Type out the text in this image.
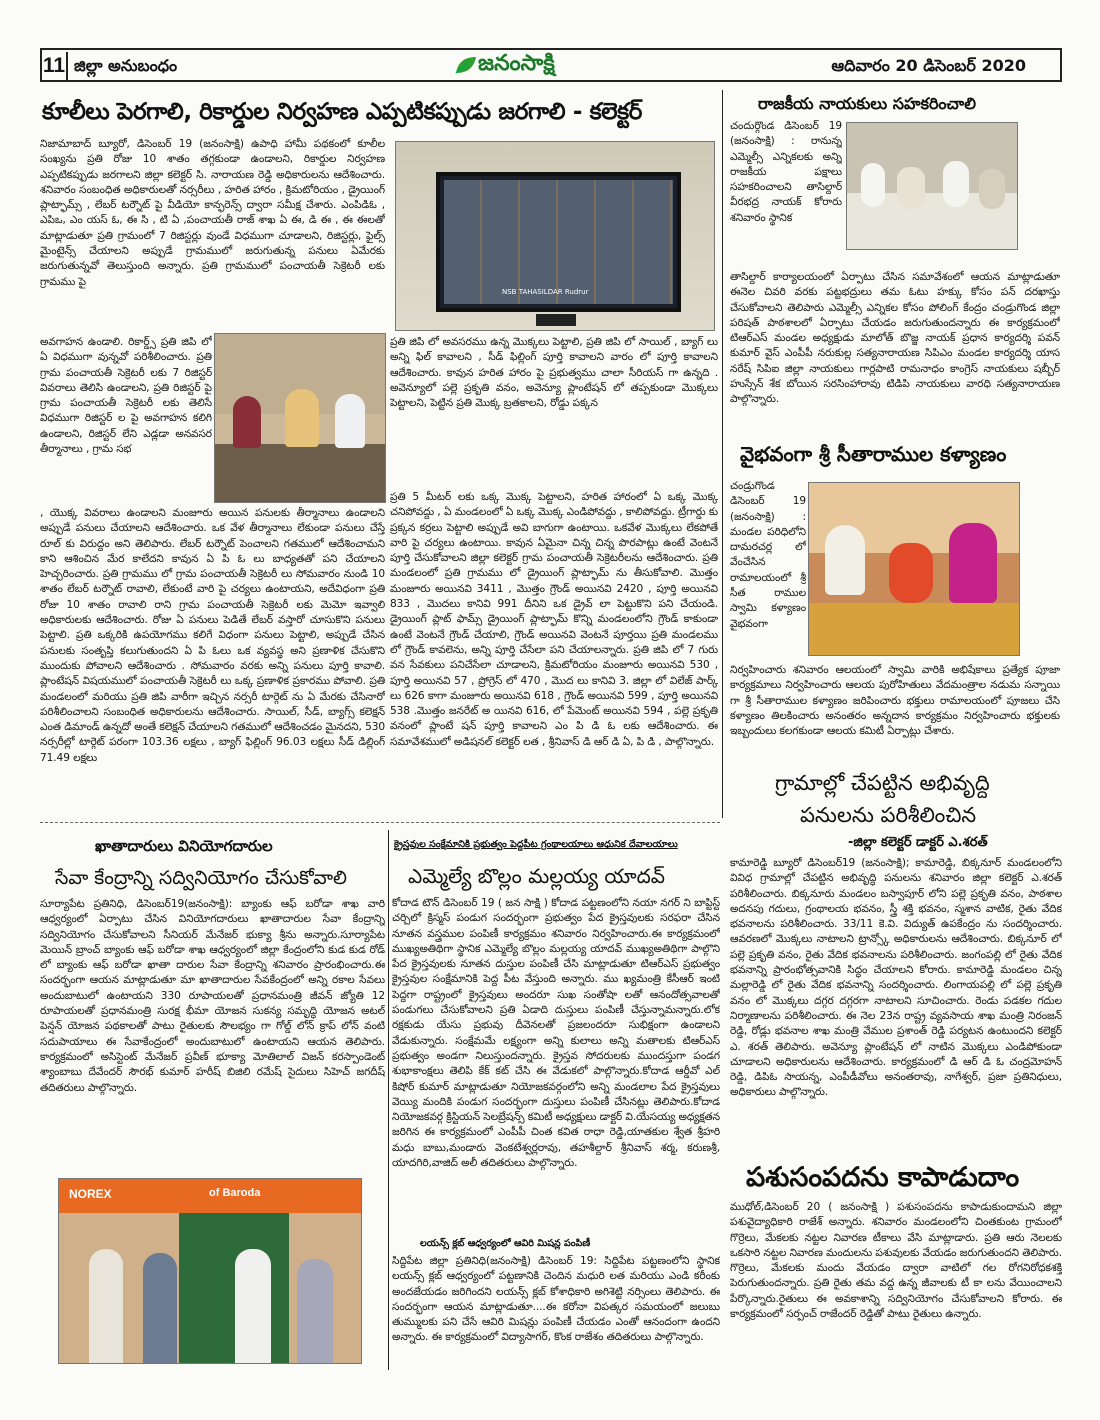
11 జిల్లా అనుబంధం	జనంసాక్షి	ఆదివారం 20 డిసెంబర్ 2020
కూలీలు పెరగాలి, రికార్డుల నిర్వహణ ఎప్పటికప్పుడు జరగాలి - కలెక్టర్
నిజామాబాద్ బ్యూరో, డిసెంబర్ 19 (జనంసాక్షి) ఉపాధి హామీ పథకంలో కూలీల సంఖ్యను ప్రతి రోజు 10 శాతం తగ్గకుండా ఉండాలని, రికార్డుల నిర్వహణ ఎప్పటికప్పుడు జరగాలని జిల్లా కలెక్టర్ సి. నారాయణ రెడ్డి అధికారులను ఆదేశించారు. శనివారం సంబంధిత అధికారులతో నర్సరీలు , హరిత హారం , క్రిమటోరియం , డ్రైయింగ్ ప్లాట్ఫామ్స్ , లేబర్ టర్నౌట్ పై వీడియో కాన్ఫరెన్స్ ద్వారా సమీక్ష చేశారు. ఎంపిడిఓ , ఎపిఒ, ఎం యస్ ఓ, ఈ సి , టి ఏ ,పంచాయతీ రాజ్ శాఖ ఏ ఈ, డి ఈ , ఈ ఈలతో మాట్లాడుతూ ప్రతి గ్రామంలో 7 రిజిస్టర్లు వుండే విధముగా చూడాలని, రిజిస్టర్లు, ఫైల్స్ మైంటైన్స్ చేయాలని అప్పుడే గ్రామములో జరుగుతున్న పనులు ఏమేరకు జరుగుతున్నవో తెలుస్తుంది అన్నారు. ప్రతి గ్రామములో పంచాయతీ సెక్రెటరీ లకు గ్రామము పై
NSB TAHASILDAR Rudrur
అవగాహన ఉండాలి. రికార్డ్స్ ప్రతి జిపి లో ఏ విధముగా వున్నవో పరిశీలించారు. ప్రతి గ్రామ పంచాయతీ సెక్రెటరీ లకు 7 రిజిస్టర్ వివరాలు తెలిసి ఉండాలని, ప్రతి రిజిస్టర్ పై గ్రామ పంచాయతీ సెక్రెటరీ లకు తెలిసే విధముగా రిజిస్టర్ ల పై అవగాహన కలిగి ఉండాలని, రిజిస్టర్ లేని ఎడ్లడా అనవసర తీర్మానాలు , గ్రామ సభ
ప్రతి జిపి లో అవసరము ఉన్న మొక్కలు పెట్టాలి, ప్రతి జిపి లో సాయిల్ , బ్యాగ్ లు అన్ని ఫిల్ కావాలని , సీడ్ ఫిల్లింగ్ పూర్తి కావాలని వారం లో పూర్తి కావాలని ఆదేశించారు. కావున హరిత హారం పై ప్రభుత్వము చాలా సీరియస్ గా ఉన్నది . అవెన్యూలో పల్లె ప్రకృతి వనం, అవెన్యూ ప్లాంటేషన్ లో తప్పకుండా మొక్కలు పెట్టాలని, పెట్టిన ప్రతి మొక్క బ్రతకాలని, రోడ్డు పక్కన
ప్రతి 5 మీటర్ లకు ఒక్క మొక్క పెట్టాలని, హరిత హారంలో ఏ ఒక్క మొక్క చనిపోవద్దు , ఏ మండలంలో ఏ ఒక్క మొక్క ఎండిపోవద్దు , కాలిపోవద్దు. ట్రీగార్డు కు ప్రక్కన కర్రలు పెట్టాలి అప్పుడే అవి బాగుగా ఉంటాయి. ఒకవేళ మొక్కలు లేకపోతే వారి పై చర్యలు ఉంటాయి. కావున ఏమైనా చిన్న చిన్న పొరపాట్లు ఉంటే వెంటనే పూర్తి చేసుకోవాలని జిల్లా కలెక్టర్ గ్రామ పంచాయతీ సెక్రెటరీలను ఆదేశించారు. ప్రతి మండలంలో ప్రతి గ్రామము లో డ్రైయింగ్ ప్లాట్ఫామ్ ను తీసుకోవాలి. మొత్తం మంజూరు అయినవి 3411 , మొత్తం గ్రౌండ్ అయినవి 2420 , పూర్తి అయినవి 833 , మొదలు కానివి 991 దీనిని ఒక డ్రైవ్ లా పెట్టుకొని పని చేయండి. డ్రైయింగ్ ప్లాట్ ఫామ్స్ డ్రైయింగ్ ప్లాట్ఫామ్ కొన్ని మండలంలోని గ్రౌండ్ కాకుండా ఉంటే వెంటనే గ్రౌండ్ చేయాలి, గ్రౌండ్ అయినవి వెంటనే పూర్తయి ప్రతి మండలము లో గ్రౌండ్ కావలెను, అన్ని పూర్తి చేసేలా పని చేయాలన్నారు. ప్రతి జిపి లో 7 గురు వన సేవకులు పనిచేసేలా చూడాలని, క్రిమటోరియం మంజూరు అయినవి 530 , పూర్తి అయినవి 57 , ప్రోగ్రెస్ లో 470 , మొద లు కానివి 3. జిల్లా లో విలేజ్ పార్క్ లు 626 కాగా మంజూరు అయినవి 618 , గ్రౌండ్ అయినవి 599 , పూర్తి అయినవి 538 .మొత్తం జనరేట్ అ యినవి 616, లో పేమెంట్ అయినవి 594 , పల్లె ప్రకృతి వనంలో ప్లాంటే షన్ పూర్తి కావాలని ఎం పి డి ఓ లకు ఆదేశించారు. ఈ సమావేశములో అడిషనల్ కలెక్టర్ లత , శ్రీనివాస్ డి ఆర్ డి ఏ, పి డి , పాల్గొన్నారు.
, యొక్క వివరాలు ఉండాలని మంజూరు అయిన పనులకు తీర్మానాలు ఉండాలని అప్పుడే పనులు చేయాలని ఆదేశించారు. ఒక వేళ తీర్మానాలు లేకుండా పనులు చేస్తే రూల్ కు విరుద్దం అని తెలిపారు. లేబర్ టర్నౌట్ పెంచాలని గతములో ఆదేశించామని కాని ఆశించిన మేర కాలేదని కావున ఏ పి ఓ లు బాధ్యతతో పని చేయాలని హెచ్చరించారు. ప్రతి గ్రామము లో గ్రామ పంచాయతీ సెక్రెటరీ లు సోమవారం నుండి 10 శాతం లేబర్ టర్నౌట్ రావాలి, లేకుంటే వారి పై చర్యలు ఉంటాయని, అదేవిధంగా ప్రతి రోజు 10 శాతం రావాలి రాని గ్రామ పంచాయతీ సెక్రెటరీ లకు మెమో ఇవ్వాలి అధికారులకు ఆదేశించారు. రోజు ఏ పనులు పెడితే లేబర్ వస్తారో చూసుకొని పనులు పెట్టాలి. ప్రతి ఒక్కరికి ఉపయోగము కలిగే విధంగా పనులు పెట్టాలి, అప్పుడే చేసిన పనులకు సంతృప్తి కలుగుతుందని ఏ పి ఓలు ఒక వ్యవస్థ అని ప్రణాళిక చేసుకొని ముందుకు పోవాలని ఆదేశించారు . సోమవారం వరకు అన్ని పనులు పూర్తి కావాలి. ప్లాంటేషన్ విషయములో పంచాయతీ సెక్రెటరీ లు ఒక్క ప్రణాళిక ప్రకారము పోవాలి. ప్రతి మండలంలో మరియు ప్రతి జిపి వారీగా ఇచ్చిన నర్సరీ టార్గెట్ ను ఏ మేరకు చేసినారో పరిశీలించాలని సంబంధిత అధికారులను ఆదేశించారు. సాయిల్, సీడ్, బ్యాగ్స్ కలెక్షన్ ఎంత డిమాండ్ ఉన్నదో అంతే కలెక్షన్ చేయాలని గతములో ఆదేశించడం మైనదని, 530 నర్సరీల్లో టార్గెట్ పరంగా 103.36 లక్షలు , బ్యాగ్ ఫిల్లింగ్ 96.03 లక్షలు సీడ్ డిల్లింగ్ 71.49 లక్షలు
రాజకీయ నాయకులు సహకరించాలి
చందుర్గొండ డిసెంబర్ 19 (జనంసాక్షి) : రానున్న ఎమ్మెల్సీ ఎన్నికలకు అన్ని రాజకీయ పక్షాలు సహకరించాలని తాసిల్దార్ వీరభద్ర నాయక్ కోరారు శనివారం స్థానిక
తాసిల్దార్ కార్యాలయంలో ఏర్పాటు చేసిన సమావేశంలో ఆయన మాట్లాడుతూ ఈనెల చివరి వరకు పట్టభద్రులు తమ ఓటు హక్కు కోసం పన్ దరఖాస్తు చేసుకోవాలని తెలిపారు ఎమ్మెల్సీ ఎన్నికల కోసం పోలింగ్ కేంద్రం చండ్రుగొండ జిల్లా పరిషత్ పాఠశాలలో ఏర్పాటు చేయడం జరుగుతుందన్నారు ఈ కార్యక్రమంలో టిఆర్ఎస్ మండల అధ్యక్షుడు మాలోత్ బొజ్జ నాయక్ ప్రధాన కార్యదర్శి పవన్ కుమార్ వైస్ ఎంపీపీ నరుకుల్ల సత్యనారాయణ సిపిఎం మండల కార్యదర్శి యాస నరేష్ సిపిఐ జిల్లా నాయకులు గార్లపాటి రామనాధం కాంగ్రెస్ నాయకులు షబ్బీర్ హుస్సేన్ శేక బోయిన సరసింహారావు టిడిపి నాయకులు వారధి సత్యనారాయణ పాల్గొన్నారు.
వైభవంగా శ్రీ సీతారాముల కళ్యాణం
చండ్రుగొండ డిసెంబర్ 19 (జనంసాక్షి) : మండల పరిధిలోని దామరచర్ల లో వేంచేసిన రామాలయంలో శ్రీ సీత రాముల స్వామి కళ్యాణం వైభవంగా
నిర్వహించారు శనివారం ఆలయంలో స్వామి వారికి అభిషేకాలు ప్రత్యేక పూజా కార్యక్రమాలు నిర్వహించారు ఆలయ పురోహితులు వేదమంత్రాల నడుమ సన్నాయి గా శ్రీ సీతారాముల కళ్యాణం జరిపించారు భక్తులు రామాలయంలో పూజలు చేసి కళ్యాణం తిలకించారు అనంతరం అన్నదాన కార్యక్రమం నిర్వహించారు భక్తులకు ఇబ్బందులు కలగకుండా ఆలయ కమిటీ ఏర్పాట్లు చేశారు.
గ్రామాల్లో చేపట్టిన అభివృద్ధి
పనులను పరిశీలించిన
-జిల్లా కలెక్టర్ డాక్టర్ ఎ.శరత్
కామారెడ్డి బ్యూరో డిసెంబర్19 (జనంసాక్షి); కామారెడ్డి, బిక్కనూర్ మండలంలోని వివిధ గ్రామాల్లో చేపట్టిన అభివృద్ధి పనులను శనివారం జిల్లా కలెక్టర్ ఎ.శరత్ పరిశీలించారు. బిక్కనూరు మండలం బస్వాపూర్ లోని పల్లె ప్రకృతి వనం, పాఠశాల అదనపు గదులు, గ్రంథాలయ భవనం, స్త్రీ శక్తి భవనం, స్మశాన వాటిక, రైతు వేదిక భవనాలను పరిశీలించారు. 33/11 కె.వి. విద్యుత్ ఉపకేంద్రం ను సందర్శించారు. ఆవరణలో మొక్కలు నాటాలని ట్రాన్స్కో అధికారులను ఆదేశించారు. బిక్కనూర్ లో పల్లె ప్రకృతి వనం, రైతు వేదిక భవనాలను పరిశీలించారు. జంగంపల్లి లో రైతు వేదిక భవనాన్ని ప్రారంభోత్సవానికి సిద్ధం చేయాలని కోరారు. కామారెడ్డి మండలం చిన్న మల్లారెడ్డి లో రైతు వేదిక భవనాన్ని సందర్శించారు. లింగాయపల్లి లో పల్లె ప్రకృతి వనం లో మొక్కలు దగ్గర దగ్గరగా నాటాలని సూచించారు. రెండు పడకల గదుల నిర్మాణాలను పరిశీలించారు. ఈ నెల 23న రాష్ట్ర వ్యవసాయ శాఖ మంత్రి నిరంజన్ రెడ్డి, రోడ్లు భవనాల శాఖ మంత్రి వేముల ప్రశాంత్ రెడ్డి పర్యటన ఉంటుందని కలెక్టర్ ఎ. శరత్ తెలిపారు. అవెన్యూ ప్లాంటేషన్ లో నాటిన మొక్కలు ఎండిపోకుండా చూడాలని అధికారులను ఆదేశించారు. కార్యక్రమంలో డి ఆర్ డి ఓ చంద్రమోహన్ రెడ్డి, డిపిఓ సాయన్న, ఎంపీడీవోలు అనంతరావు, నాగేశ్వర్, ప్రజా ప్రతినిధులు, అధికారులు పాల్గొన్నారు.
పశుసంపదను కాపాడుదాం
ముధోల్,డిసెంబర్ 20 ( జనంసాక్షి ) పశుసంపదను కాపాడుకుందామని జిల్లా పశువైద్యాధికారి రాజేశ్ అన్నారు. శనివారం మండలంలోని చింతకుంట గ్రామంలో గొర్రెలు, మేకలకు నట్టల నివారణ టీకాలు వేసి మాట్లాడారు. ప్రతి ఆరు నెలలకు ఒకసారి నట్టల నివారణ మందులను పశువులకు వేయడం జరుగుతుందని తెలిపారు. గొర్రెలు, మేకలకు మందు వేయడం ద్వారా వాటిలో గల రోగనిరోధకశక్తి పెరుగుతుందన్నారు. ప్రతి రైతు తమ వద్ద ఉన్న జీవాలకు టీ కా లను వేయించాలని పేర్కొన్నారు.రైతులు ఈ అవకాశాన్ని సద్వినియోగం చేసుకోవాలని కోరారు. ఈ కార్యక్రమంలో సర్పంచ్ రాజేందర్ రెడ్డితో పాటు రైతులు ఉన్నారు.
ఖాతాదారులు వినియోగదారుల
సేవా కేంద్రాన్ని సద్వినియోగం చేసుకోవాలి
సూర్యాపేట ప్రతినిధి, డిసెంబర్19(జనంసాక్షి): బ్యాంకు ఆఫ్ బరోడా శాఖ వారి ఆధ్వర్యంలో ఏర్పాటు చేసిన వినియోగదారులు ఖాతాదారుల సేవా కేంద్రాన్ని సద్వినియోగం చేసుకోవాలని సీనియర్ మేనేజర్ భుక్యా శ్రీను అన్నారు.సూర్యాపేట మెయిన్ బ్రాంచ్ బ్యాంకు ఆఫ్ బరోడా శాఖ ఆధ్వర్యంలో జిల్లా కేంద్రంలోని కుడ కుడ రోడ్ లో బ్యాంకు ఆఫ్ బరోడా ఖాతా దారుల సేవా కేంద్రాన్ని శనివారం ప్రారంభించారు.ఈ సందర్భంగా ఆయన మాట్లాడుతూ మా ఖాతాదారుల సేవకేంద్రంలో అన్ని రకాల సేవలు అందుబాటులో ఉంటాయని 330 రూపాయలతో ప్రధానమంత్రి జీవన్ జ్యోతి 12 రూపాయలతో ప్రధానమంత్రి సురక్ష భీమా యోజన సుకన్య సమృద్ధి యోజన అటల్ పెన్షన్ యోజన పథకాలతో పాటు రైతులకు సౌలభ్యం గా గోల్డ్ లోన్ క్రాప్ లోన్ వంటి సదుపాయాలు ఈ సేవాకేంద్రంలో అందుబాటులో ఉంటాయని ఆయన తెలిపారు. కార్యక్రమంలో అసిస్టెంట్ మేనేజర్ ప్రవీణ్ భూక్యా మోతిలాల్ విజన్ కరస్పాండెంట్ శ్యాంబాబు దేవేందర్ సౌరభ్ కుమార్ హరీష్ బిజిలి రమేష్ సైదులు సిహెచ్ జగదీష్ తదితరులు పాల్గొన్నారు.
NOREX	of Baroda
క్రైస్తవుల సంక్షేమానికి ప్రభుత్వం పెద్దపీట గ్రంథాలయాలు ఆధునిక దేవాలయాలు
ఎమ్మెల్యే బొల్లం మల్లయ్య యాదవ్
కోదాడ టౌన్ డిసెంబర్ 19 ( జన సాక్షి ) కోదాడ పట్టణంలోని నయా నగర్ ని బాప్టిస్ట్ చర్చిలో క్రిస్మస్ పండుగ సందర్భంగా ప్రభుత్వం పేద క్రైస్తవులకు సరఫరా చేసిన నూతన వస్త్రముల పంపిణీ కార్యక్రమం శనివారం నిర్వహించారు.ఈ కార్యక్రమంలో ముఖ్యఅతిథిగా స్థానిక ఎమ్మెల్యే బొల్లం మల్లయ్య యాదవ్ ముఖ్యఅతిథిగా పాల్గొని పేద క్రైస్తవులకు నూతన దుస్తుల పంపిణీ చేసి మాట్లాడుతూ టిఆర్ఎస్ ప్రభుత్వం క్రైస్తవుల సంక్షేమానికి పెద్ద పీట వేస్తుంది అన్నారు. ము ఖ్యమంత్రి కేసీఆర్ ఇంటి పెద్దగా రాష్ట్రంలో క్రైస్తవులు అందరూ సుఖ సంతోషా లతో ఆనందోత్సవాలతో పండుగలు చేసుకోవాలని ప్రతి ఏడాది దుస్తులు పంపిణీ చేస్తున్నామన్నారు.లోక రక్షకుడు యేసు ప్రభువు దీవెనలతో ప్రజలందరూ సుభిక్షంగా ఉండాలని వేడుకున్నారు. సంక్షేమమే లక్ష్యంగా అన్ని కులాలు అన్ని మతాలకు టిఆర్ఎస్ ప్రభుత్వం అండగా నిలుస్తుందన్నారు. క్రైస్తవ సోదరులకు ముందస్తుగా పండగ శుభాకాంక్షలు తెలిపి కేక్ కట్ చేసి ఈ వేడుకలో పాల్గొన్నారు.కోదాడ ఆర్డీవో ఎల్ కిషోర్ కుమార్ మాట్లాడుతూ నియోజకవర్గంలోని అన్ని మండలాల పేద క్రైస్తవులు వెయ్యి మందికి పండుగ సందర్భంగా దుస్తులు పంపిణీ చేసినట్లు తెలిపారు.కోదాడ నియోజకవర్గ క్రిస్టియన్ సెలబ్రేషన్స్ కమిటీ అధ్యక్షులు డాక్టర్ వి.యేసయ్య అధ్యక్షతన జరిగిన ఈ కార్యక్రమంలో ఎంపీపీ చింత కవిత రాధా రెడ్డి,యాతకుల శ్వేత శ్రీహరి మధు బాబు,మండారు వెంకటేశ్వర్లరావు, తహశీల్దార్ శ్రీనివాస్ శర్మ, కరుణశ్రీ, యాదగిరి,వాజిద్ అలీ తదితరులు పాల్గొన్నారు.
లయన్స్ క్లబ్ ఆధ్వర్యంలో ఆవిరి మిషన్ల పంపిణీ
సిద్దిపేట జిల్లా ప్రతినిధి(జనంసాక్షి) డిసెంబర్ 19: సిద్దిపేట పట్టణంలోని స్థానిక లయన్స్ క్లబ్ ఆధ్వర్యంలో పట్టణానికి చెందిన మధురి లత మరియు ఎండి కరీంకు అందజేయడం జరిగిందని లయన్స్ క్లబ్ కోశాధికారి అగిశెట్టి నర్సింలు తెలిపారు. ఈ సందర్భంగా ఆయన మాట్లాడుతూ....ఈ కరోనా విపత్కర సమయంలో జలుబు తుమ్ములకు పని చేసే ఆవిరి మిషన్లు పంపిణీ చేయడం ఎంతో ఆనందంగా ఉందని అన్నారు. ఈ కార్యక్రమంలో విద్యాసాగర్, కొంక రాజేశం తదితరులు పాల్గొన్నారు.
